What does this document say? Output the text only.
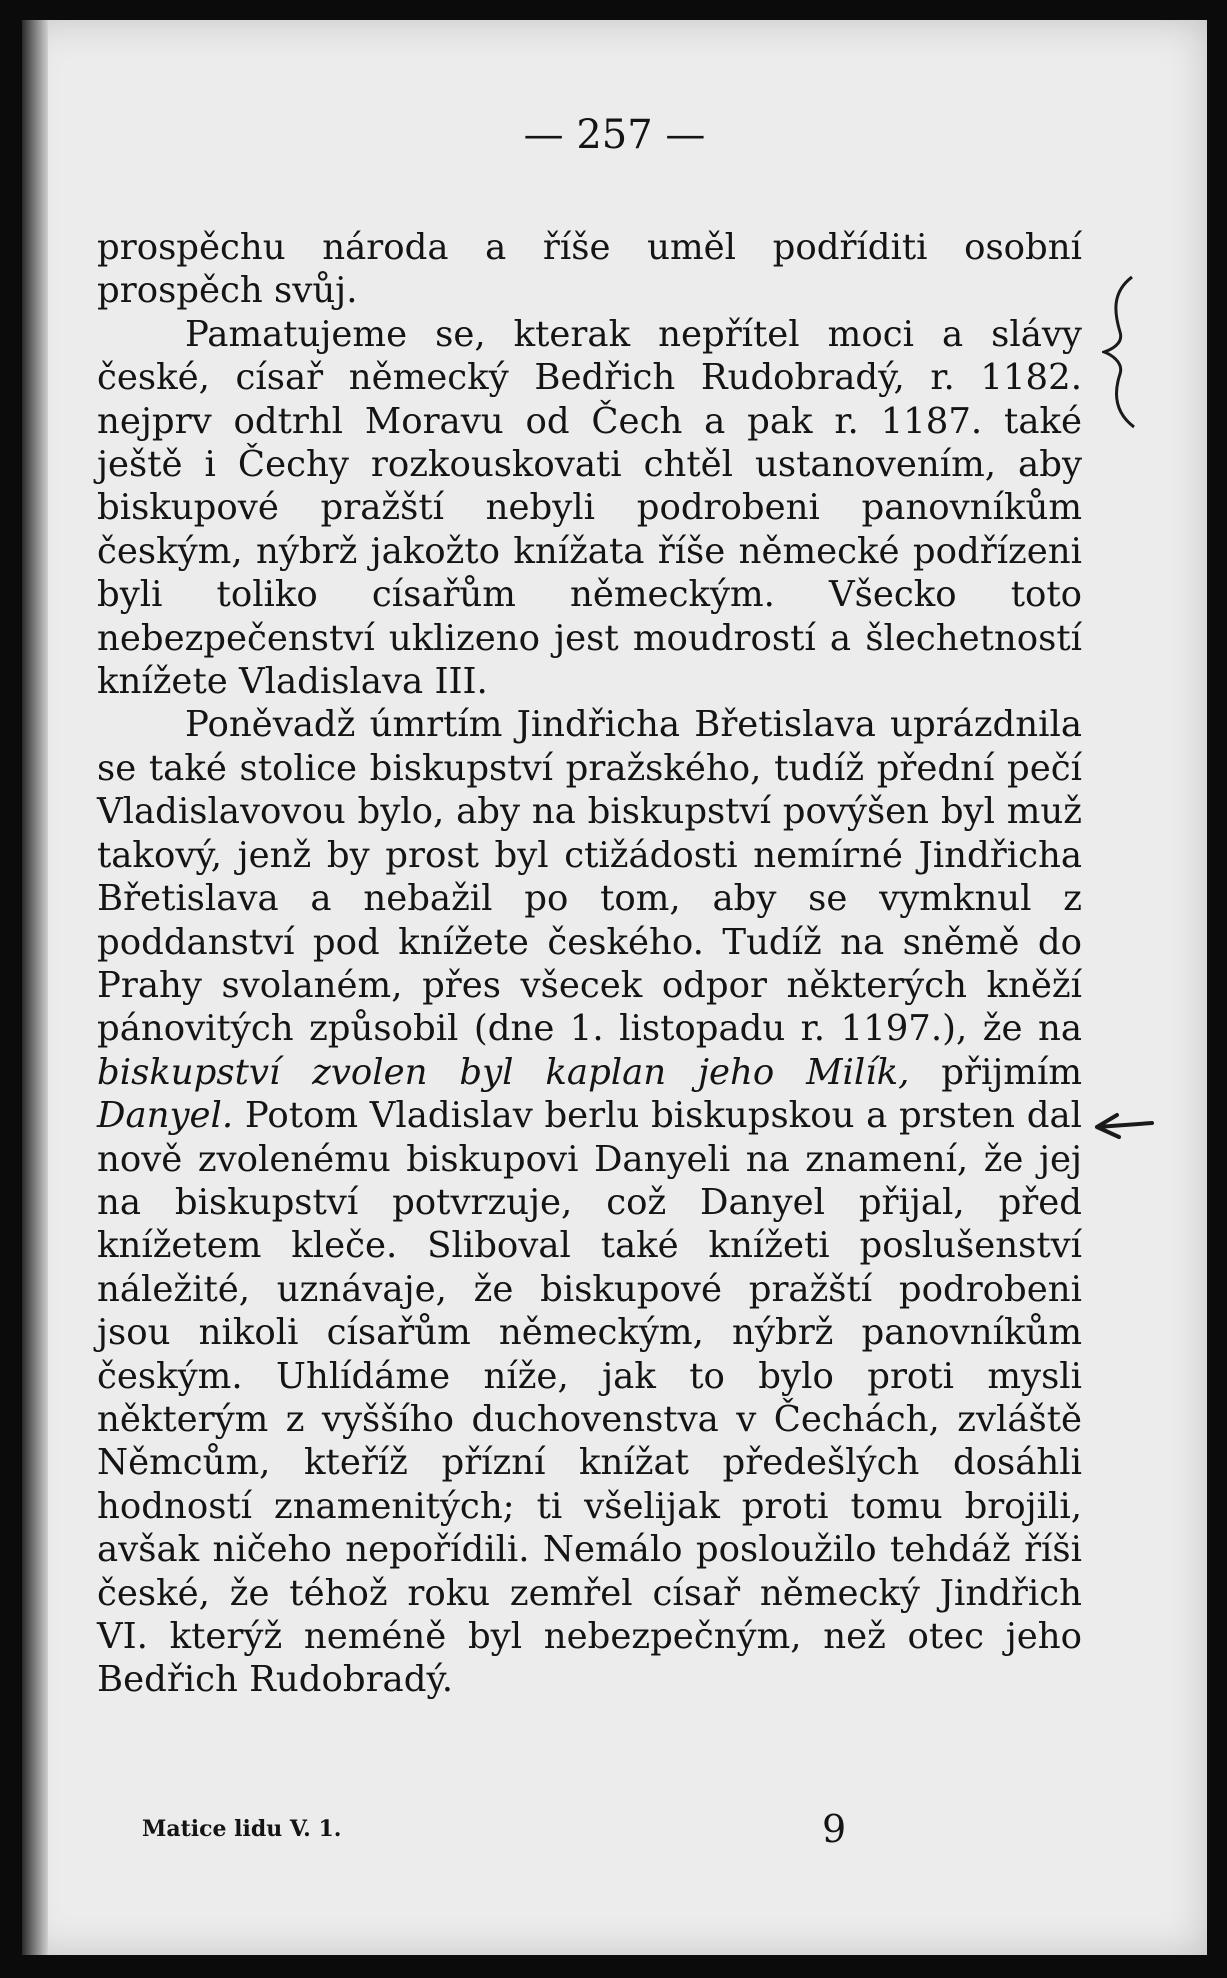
— 257 —

prospěchu národa a říše uměl podříditi osobní prospěch svůj.

Pamatujeme se, kterak nepřítel moci a slávy české, císař německý Bedřich Rudobradý, r. 1182. nejprv odtrhl Moravu od Čech a pak r. 1187. také ještě i Čechy rozkouskovati chtěl ustanovením, aby biskupové pražští nebyli podrobeni panovníkům českým, nýbrž jakožto knížata říše německé podřízeni byli toliko císařům německým. Všecko toto nebezpečenství uklizeno jest moudrostí a šlechetností knížete Vladislava III.

Poněvadž úmrtím Jindřicha Břetislava uprázdnila se také stolice biskupství pražského, tudíž přední pečí Vladislavovou bylo, aby na biskupství povýšen byl muž takový, jenž by prost byl ctižádosti nemírné Jindřicha Břetislava a nebažil po tom, aby se vymknul z poddanství pod knížete českého. Tudíž na sněmě do Prahy svolaném, přes všecek odpor některých kněží pánovitých způsobil (dne 1. listopadu r. 1197.), že na biskupství zvolen byl kaplan jeho Milík, přijmím Danyel. Potom Vladislav berlu biskupskou a prsten dal nově zvolenému biskupovi Danyeli na znamení, že jej na biskupství potvrzuje, což Danyel přijal, před knížetem kleče. Sliboval také knížeti poslušenství náležité, uznávaje, že biskupové pražští podrobeni jsou nikoli císařům německým, nýbrž panovníkům českým. Uhlídáme níže, jak to bylo proti mysli některým z vyššího duchovenstva v Čechách, zvláště Němcům, kteříž přízní knížat předešlých dosáhli hodností znamenitých; ti všelijak proti tomu brojili, avšak ničeho nepořídili. Nemálo posloužilo tehdáž říši české, že téhož roku zemřel císař německý Jindřich VI. kterýž neméně byl nebezpečným, než otec jeho Bedřich Rudobradý.

Matice lidu V. 1.	9
